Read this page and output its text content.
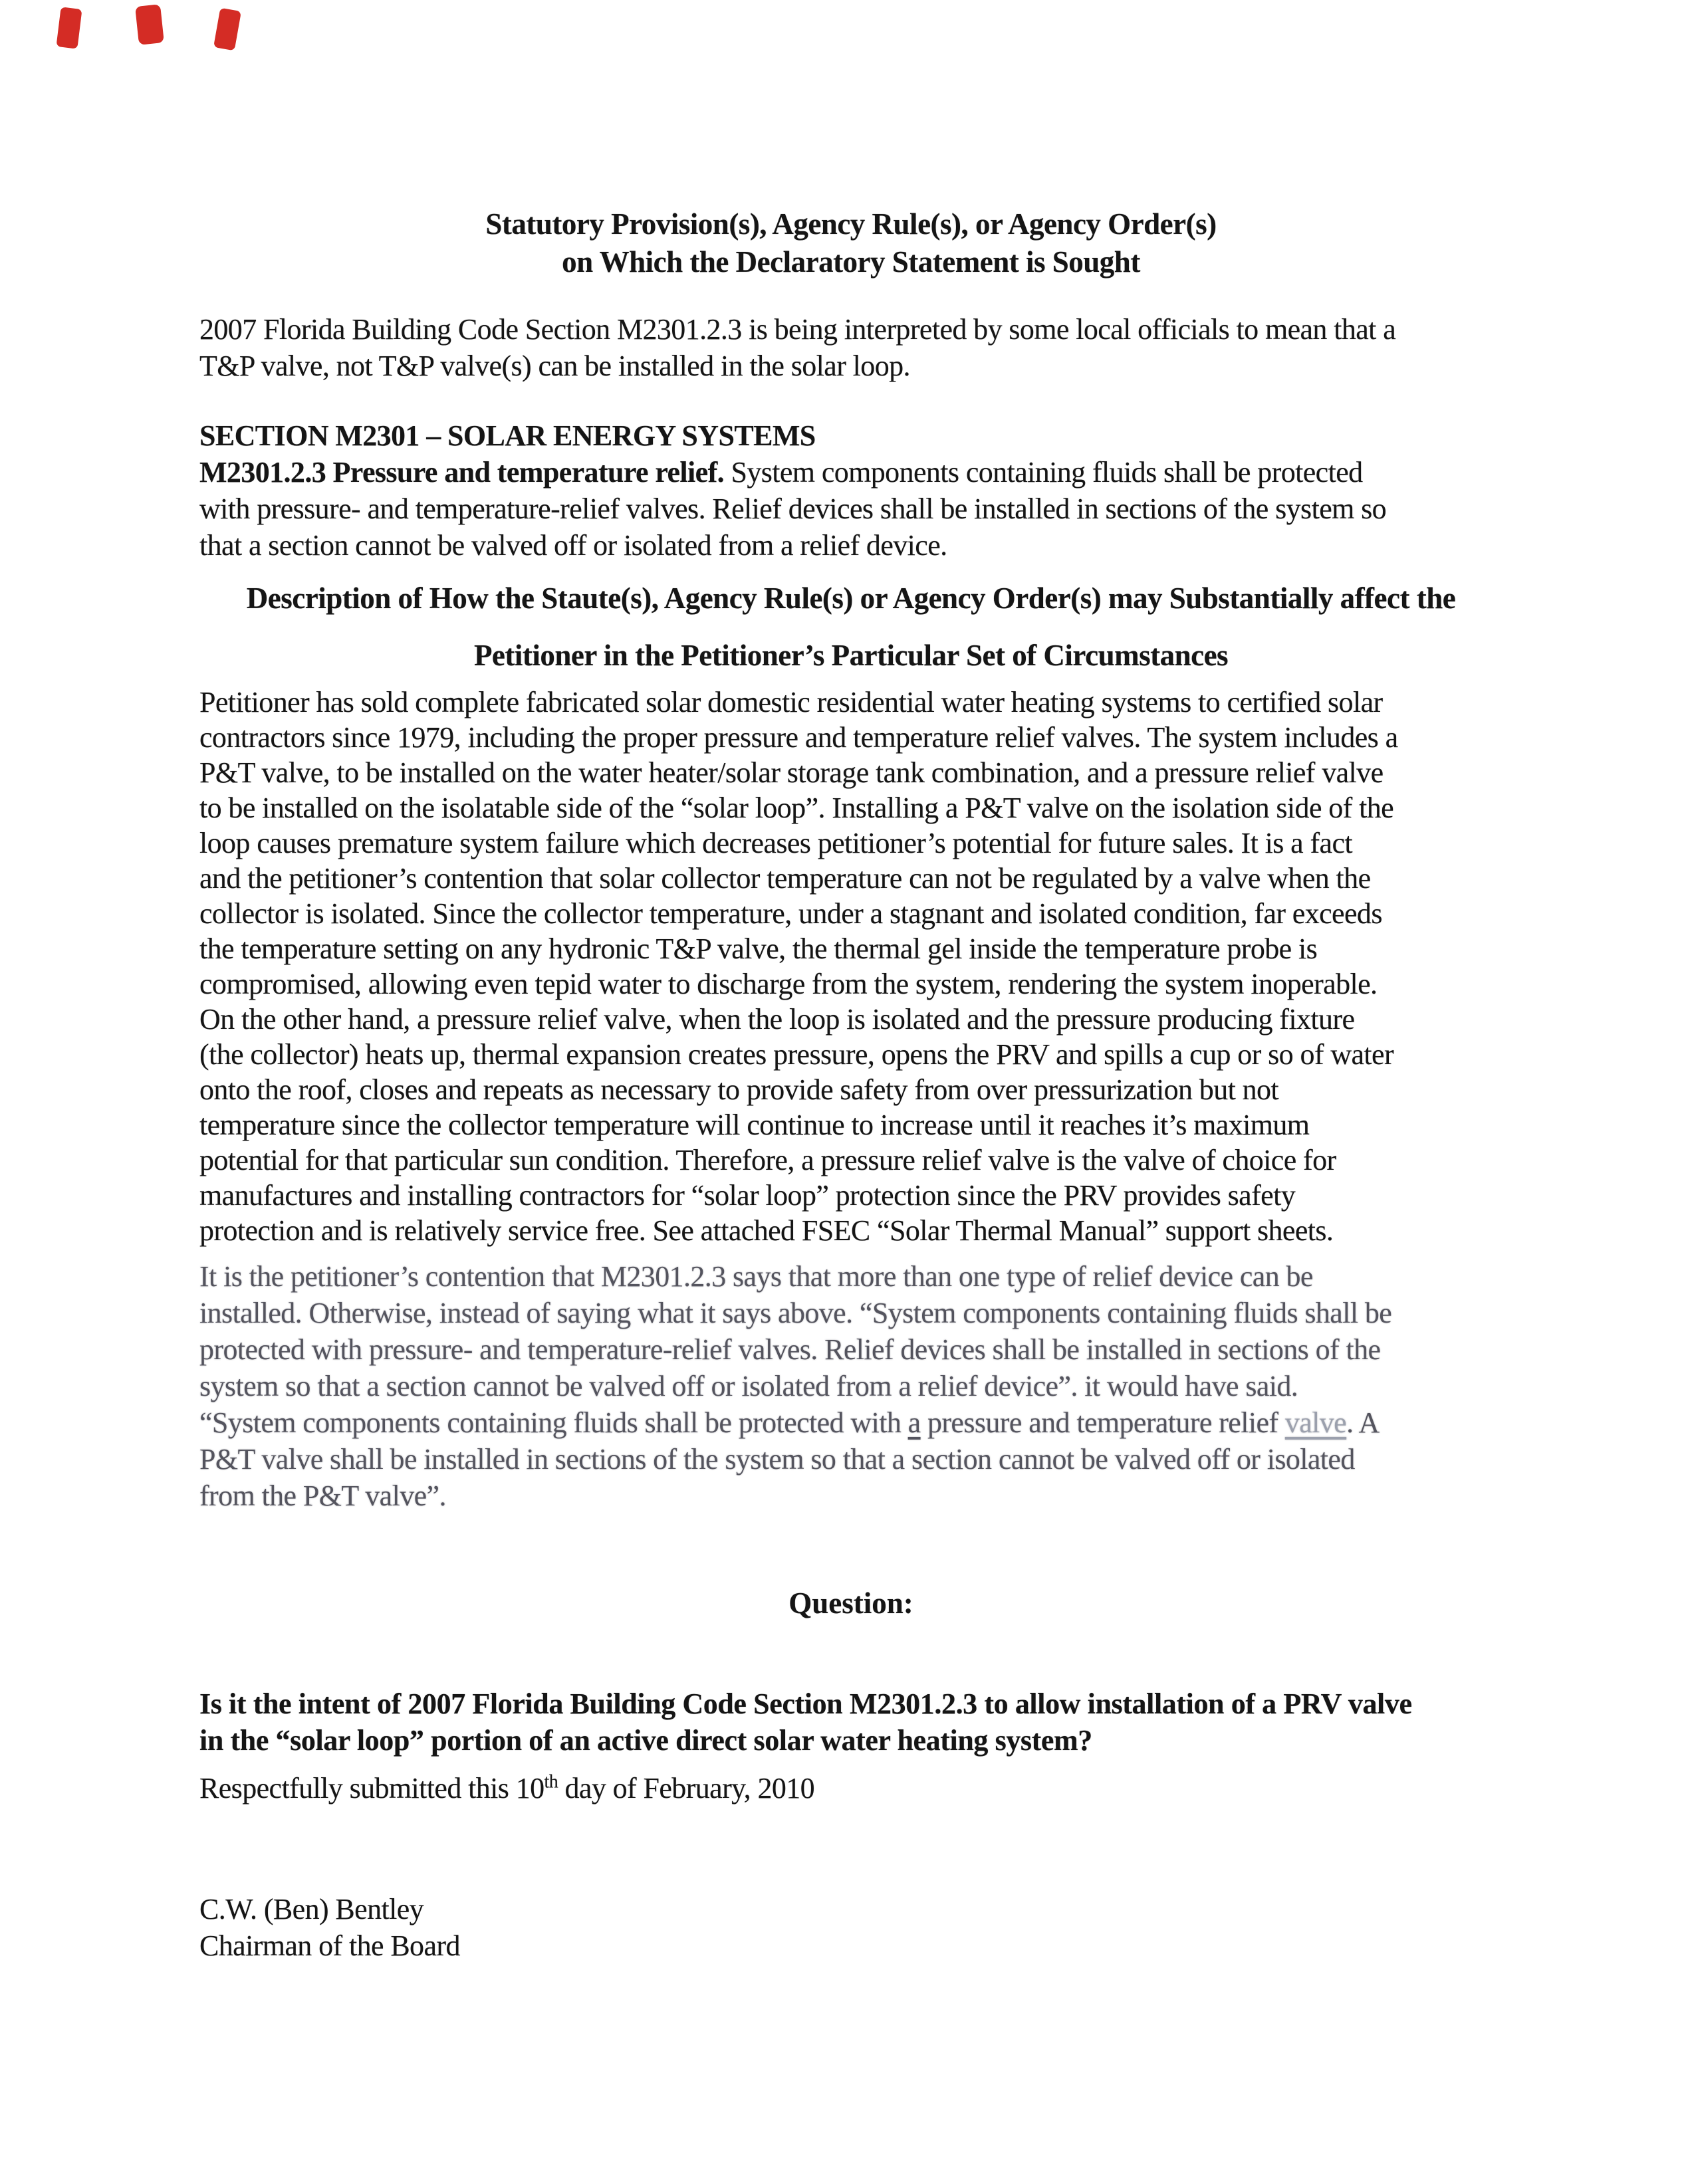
Statutory Provision(s), Agency Rule(s), or Agency Order(s)
on Which the Declaratory Statement is Sought
2007 Florida Building Code Section M2301.2.3 is being interpreted by some local officials to mean that a
T&P valve, not T&P valve(s) can be installed in the solar loop.
SECTION M2301 – SOLAR ENERGY SYSTEMS
M2301.2.3 Pressure and temperature relief. System components containing fluids shall be protected
with pressure- and temperature-relief valves. Relief devices shall be installed in sections of the system so
that a section cannot be valved off or isolated from a relief device.
Description of How the Staute(s), Agency Rule(s) or Agency Order(s) may Substantially affect the
Petitioner in the Petitioner’s Particular Set of Circumstances
Petitioner has sold complete fabricated solar domestic residential water heating systems to certified solar
contractors since 1979, including the proper pressure and temperature relief valves. The system includes a
P&T valve, to be installed on the water heater/solar storage tank combination, and a pressure relief valve
to be installed on the isolatable side of the “solar loop”. Installing a P&T valve on the isolation side of the
loop causes premature system failure which decreases petitioner’s potential for future sales. It is a fact
and the petitioner’s contention that solar collector temperature can not be regulated by a valve when the
collector is isolated. Since the collector temperature, under a stagnant and isolated condition, far exceeds
the temperature setting on any hydronic T&P valve, the thermal gel inside the temperature probe is
compromised, allowing even tepid water to discharge from the system, rendering the system inoperable.
On the other hand, a pressure relief valve, when the loop is isolated and the pressure producing fixture
(the collector) heats up, thermal expansion creates pressure, opens the PRV and spills a cup or so of water
onto the roof, closes and repeats as necessary to provide safety from over pressurization but not
temperature since the collector temperature will continue to increase until it reaches it’s maximum
potential for that particular sun condition. Therefore, a pressure relief valve is the valve of choice for
manufactures and installing contractors for “solar loop” protection since the PRV provides safety
protection and is relatively service free. See attached FSEC “Solar Thermal Manual” support sheets.
It is the petitioner’s contention that M2301.2.3 says that more than one type of relief device can be
installed. Otherwise, instead of saying what it says above. “System components containing fluids shall be
protected with pressure- and temperature-relief valves. Relief devices shall be installed in sections of the
system so that a section cannot be valved off or isolated from a relief device”. it would have said.
“System components containing fluids shall be protected with a pressure and temperature relief valve. A
P&T valve shall be installed in sections of the system so that a section cannot be valved off or isolated
from the P&T valve”.
Question:
Is it the intent of 2007 Florida Building Code Section M2301.2.3 to allow installation of a PRV valve
in the “solar loop” portion of an active direct solar water heating system?
Respectfully submitted this 10th day of February, 2010
C.W. (Ben) Bentley
Chairman of the Board
